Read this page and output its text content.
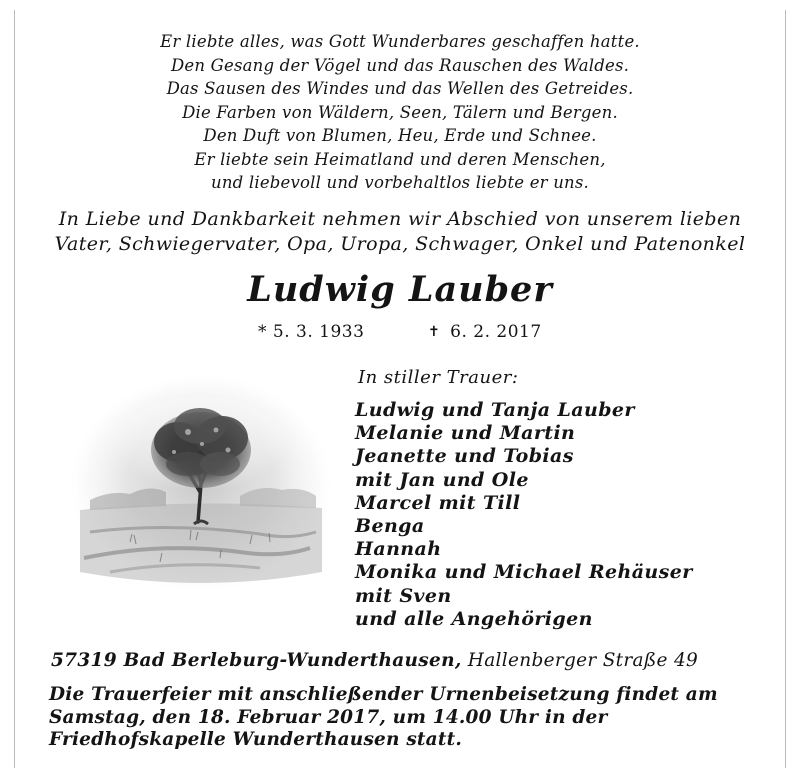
Er liebte alles, was Gott Wunderbares geschaffen hatte.
Den Gesang der Vögel und das Rauschen des Waldes.
Das Sausen des Windes und das Wellen des Getreides.
Die Farben von Wäldern, Seen, Tälern und Bergen.
Den Duft von Blumen, Heu, Erde und Schnee.
Er liebte sein Heimatland und deren Menschen,
und liebevoll und vorbehaltlos liebte er uns.
In Liebe und Dankbarkeit nehmen wir Abschied von unserem lieben
Vater, Schwiegervater, Opa, Uropa, Schwager, Onkel und Patenonkel
Ludwig Lauber
* 5. 3. 1933	✝ 6. 2. 2017
In stiller Trauer:
Ludwig und Tanja Lauber
Melanie und Martin
Jeanette und Tobias
mit Jan und Ole
Marcel mit Till
Benga
Hannah
Monika und Michael Rehäuser
mit Sven
und alle Angehörigen
57319 Bad Berleburg-Wunderthausen, Hallenberger Straße 49
Die Trauerfeier mit anschließender Urnenbeisetzung findet am
Samstag, den 18. Februar 2017, um 14.00 Uhr in der
Friedhofskapelle Wunderthausen statt.
